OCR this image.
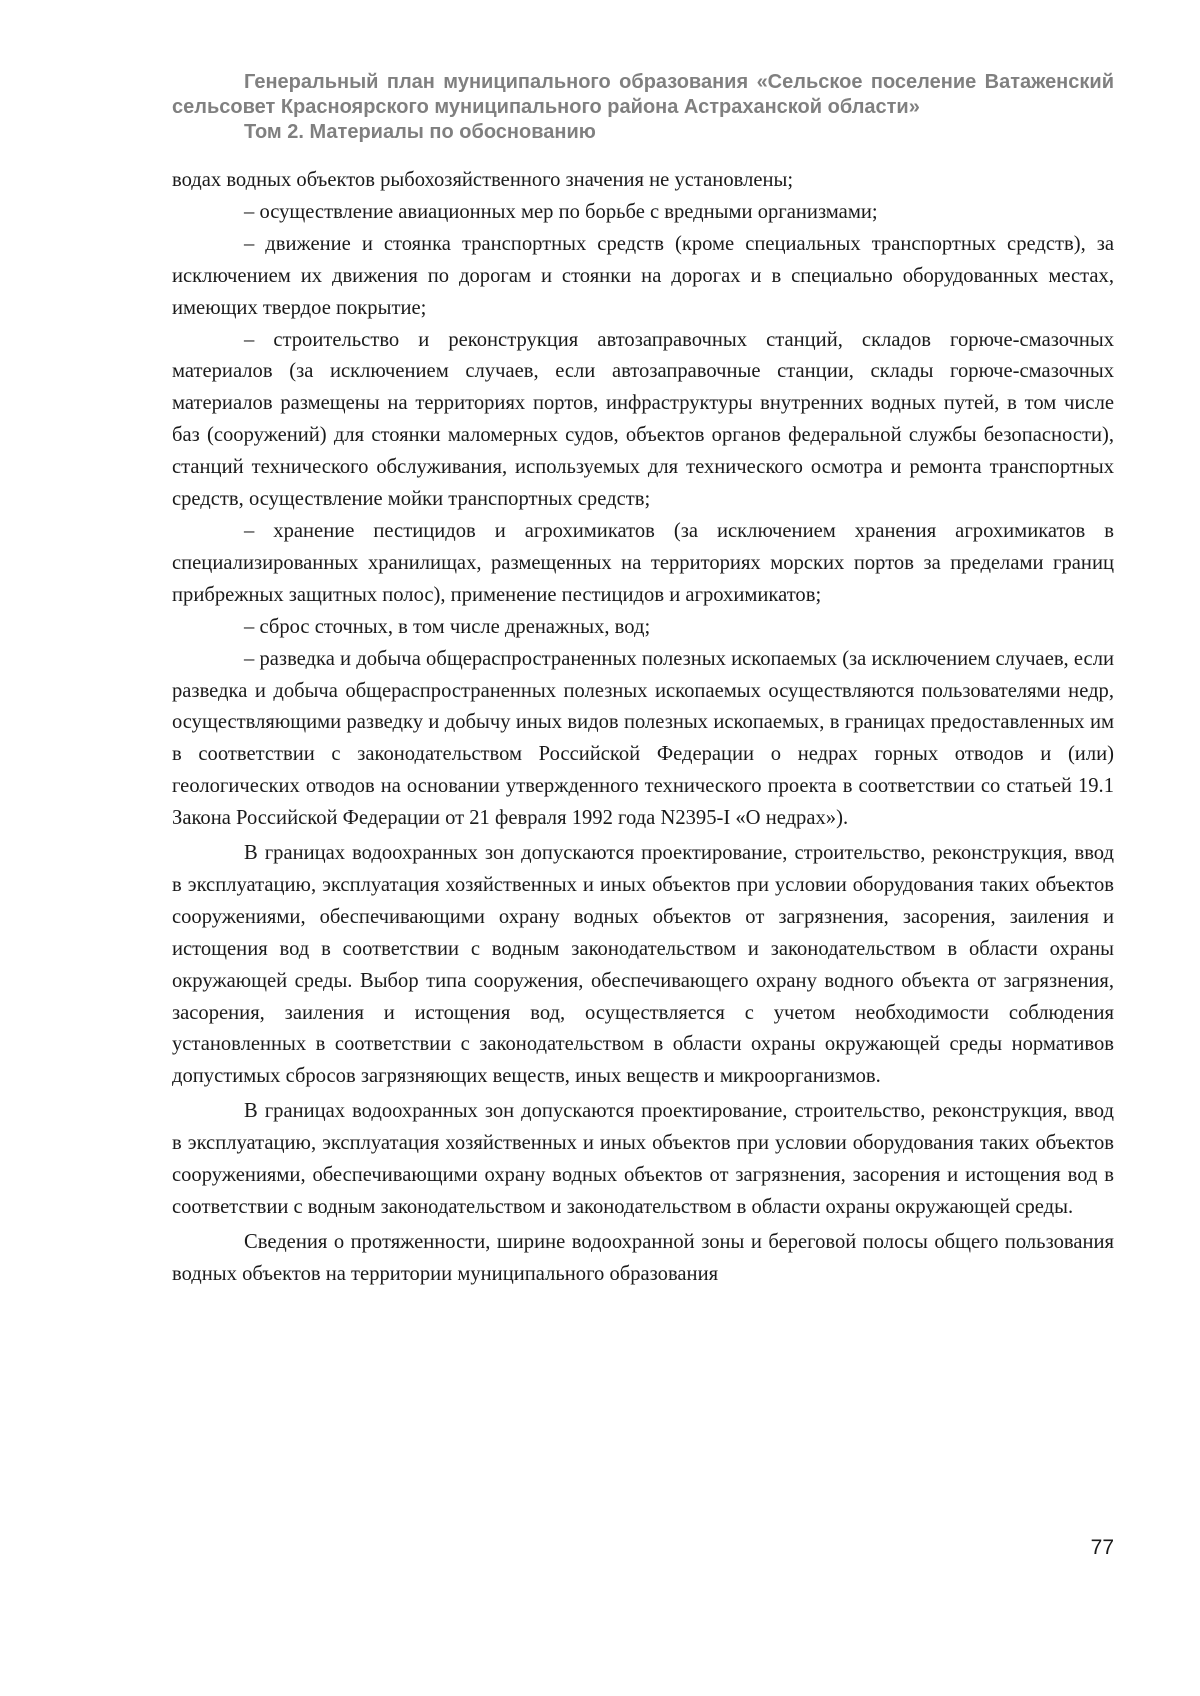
Генеральный план муниципального образования «Сельское поселение Ватаженский
сельсовет Красноярского муниципального района Астраханской области»
Том 2. Материалы по обоснованию

водах водных объектов рыбохозяйственного значения не установлены;

– осуществление авиационных мер по борьбе с вредными организмами;

– движение и стоянка транспортных средств (кроме специальных транспортных средств), за исключением их движения по дорогам и стоянки на дорогах и в специально оборудованных местах, имеющих твердое покрытие;

– строительство и реконструкция автозаправочных станций, складов горюче-смазочных материалов (за исключением случаев, если автозаправочные станции, склады горюче-смазочных материалов размещены на территориях портов, инфраструктуры внутренних водных путей, в том числе баз (сооружений) для стоянки маломерных судов, объектов органов федеральной службы безопасности), станций технического обслуживания, используемых для технического осмотра и ремонта транспортных средств, осуществление мойки транспортных средств;

– хранение пестицидов и агрохимикатов (за исключением хранения агрохимикатов в специализированных хранилищах, размещенных на территориях морских портов за пределами границ прибрежных защитных полос), применение пестицидов и агрохимикатов;

– сброс сточных, в том числе дренажных, вод;

– разведка и добыча общераспространенных полезных ископаемых (за исключением случаев, если разведка и добыча общераспространенных полезных ископаемых осуществляются пользователями недр, осуществляющими разведку и добычу иных видов полезных ископаемых, в границах предоставленных им в соответствии с законодательством Российской Федерации о недрах горных отводов и (или) геологических отводов на основании утвержденного технического проекта в соответствии со статьей 19.1 Закона Российской Федерации от 21 февраля 1992 года N2395-I «О недрах»).

В границах водоохранных зон допускаются проектирование, строительство, реконструкция, ввод в эксплуатацию, эксплуатация хозяйственных и иных объектов при условии оборудования таких объектов сооружениями, обеспечивающими охрану водных объектов от загрязнения, засорения, заиления и истощения вод в соответствии с водным законодательством и законодательством в области охраны окружающей среды. Выбор типа сооружения, обеспечивающего охрану водного объекта от загрязнения, засорения, заиления и истощения вод, осуществляется с учетом необходимости соблюдения установленных в соответствии с законодательством в области охраны окружающей среды нормативов допустимых сбросов загрязняющих веществ, иных веществ и микроорганизмов.

В границах водоохранных зон допускаются проектирование, строительство, реконструкция, ввод в эксплуатацию, эксплуатация хозяйственных и иных объектов при условии оборудования таких объектов сооружениями, обеспечивающими охрану водных объектов от загрязнения, засорения и истощения вод в соответствии с водным законодательством и законодательством в области охраны окружающей среды.

Сведения о протяженности, ширине водоохранной зоны и береговой полосы общего пользования водных объектов на территории муниципального образования

77
